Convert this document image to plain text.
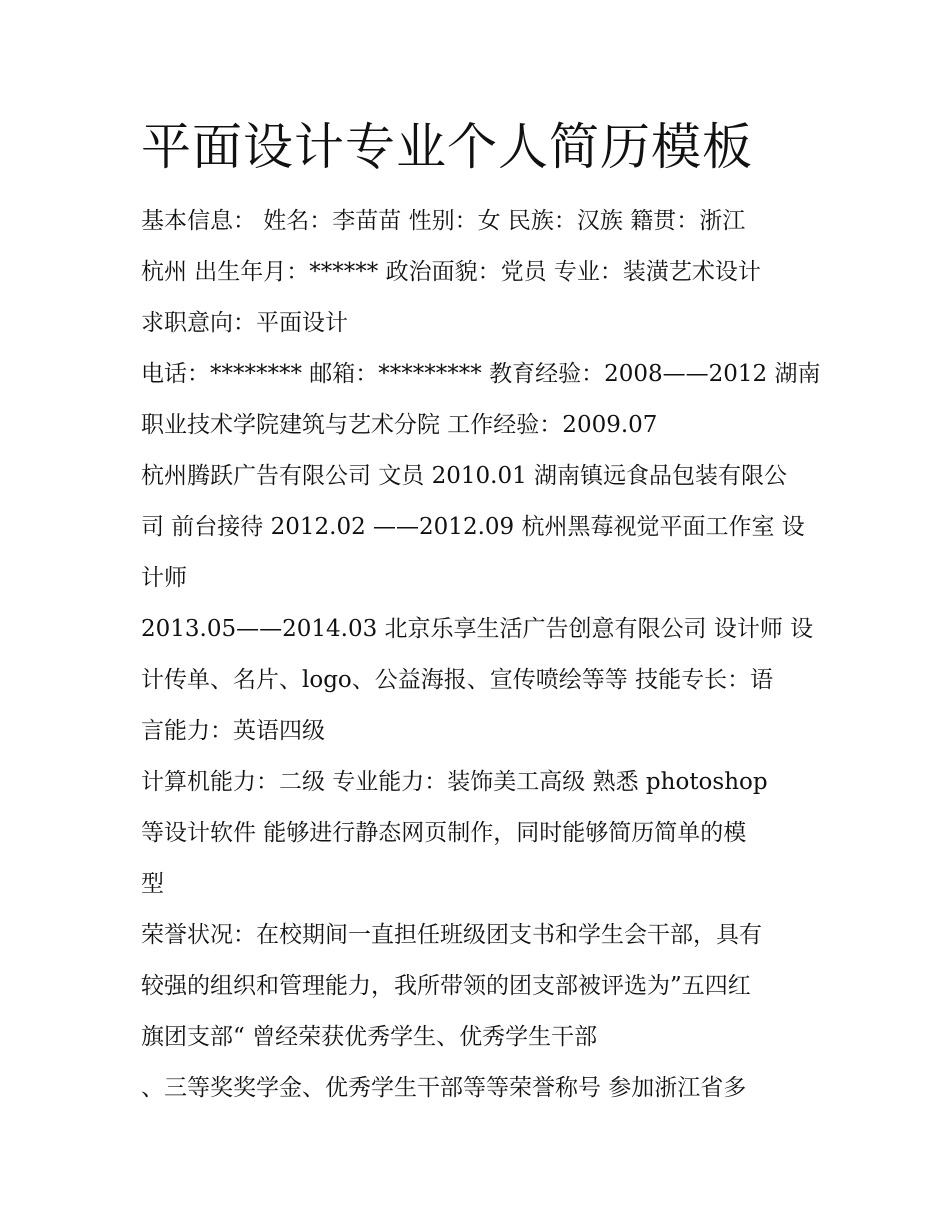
平面设计专业个人简历模板

基本信息： 姓名：李苗苗 性别：女 民族：汉族 籍贯：浙江
杭州 出生年月：****** 政治面貌：党员 专业：装潢艺术设计
求职意向：平面设计

电话：******** 邮箱：********* 教育经验：2008——2012 湖南
职业技术学院建筑与艺术分院 工作经验：2009.07

杭州腾跃广告有限公司 文员 2010.01 湖南镇远食品包装有限公
司 前台接待 2012.02 ——2012.09 杭州黑莓视觉平面工作室 设
计师

2013.05——2014.03 北京乐享生活广告创意有限公司 设计师 设
计传单、名片、logo、公益海报、宣传喷绘等等 技能专长：语
言能力：英语四级

计算机能力：二级 专业能力：装饰美工高级 熟悉 photoshop
等设计软件 能够进行静态网页制作，同时能够简历简单的模
型

荣誉状况：在校期间一直担任班级团支书和学生会干部，具有
较强的组织和管理能力，我所带领的团支部被评选为”五四红
旗团支部“ 曾经荣获优秀学生、优秀学生干部

、三等奖奖学金、优秀学生干部等等荣誉称号 参加浙江省多
